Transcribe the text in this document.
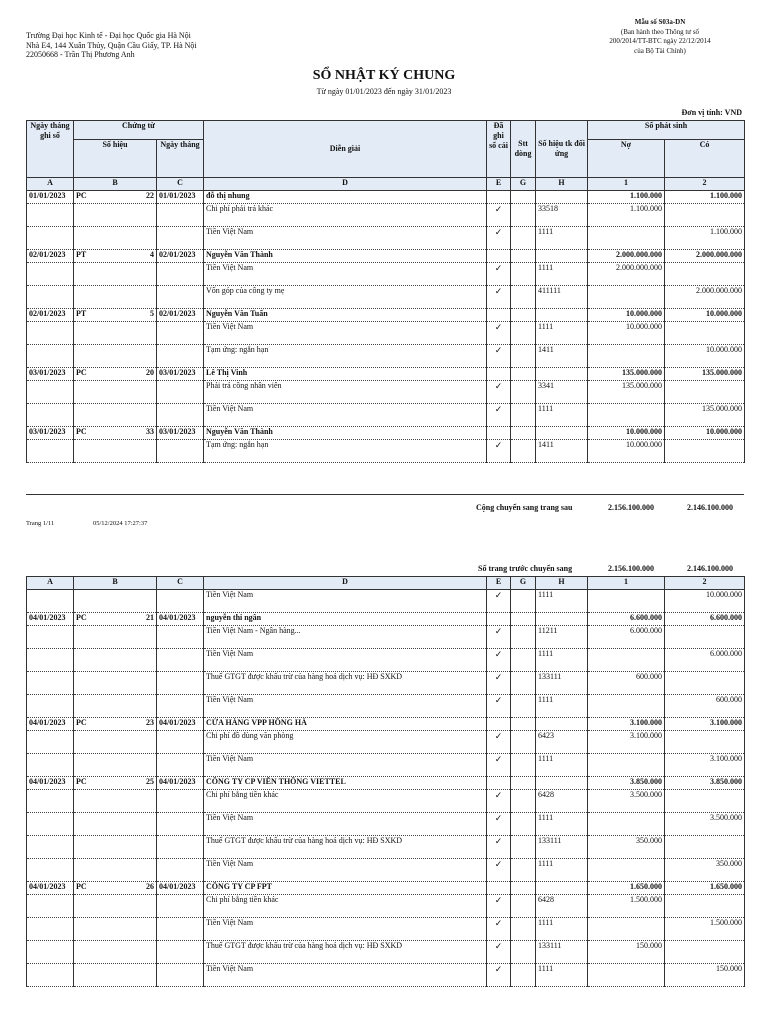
Trường Đại học Kinh tế - Đại học Quốc gia Hà Nội
Nhà E4, 144 Xuân Thủy, Quận Cầu Giấy, TP. Hà Nội
22050668 - Trần Thị Phương Anh
Mẫu số S03a-DN
(Ban hành theo Thông tư số
200/2014/TT-BTC ngày 22/12/2014
của Bộ Tài Chính)
SỔ NHẬT KÝ CHUNG
Từ ngày 01/01/2023 đến ngày 31/01/2023
Đơn vị tính: VND
Ngày tháng ghi sổ	Chứng từ		Diễn giải	Đã ghi sổ cái	Stt dòng	Số hiệu tk đối ứng	Số phát sinh	
	Số hiệu	Ngày tháng					Nợ	Có
A	B	C	D	E	G	H	1	2
01/01/2023	PC 22	01/01/2023	đỗ thị nhung				1.100.000	1.100.000
			Chi phí phải trả khác	✓		33518	1.100.000	
			Tiền Việt Nam	✓		1111		1.100.000
02/01/2023	PT 4	02/01/2023	Nguyễn Văn Thành				2.000.000.000	2.000.000.000
			Tiền Việt Nam	✓		1111	2.000.000.000	
			Vốn góp của công ty mẹ	✓		411111		2.000.000.000
02/01/2023	PT 5	02/01/2023	Nguyễn Văn Tuấn				10.000.000	10.000.000
			Tiền Việt Nam	✓		1111	10.000.000	
			Tạm ứng: ngắn hạn	✓		1411		10.000.000
03/01/2023	PC 20	03/01/2023	Lê Thị Vinh				135.000.000	135.000.000
			Phải trả công nhân viên	✓		3341	135.000.000	
			Tiền Việt Nam	✓		1111		135.000.000
03/01/2023	PC 33	03/01/2023	Nguyễn Văn Thành				10.000.000	10.000.000
			Tạm ứng: ngắn hạn	✓		1411	10.000.000	
Cộng chuyển sang trang sau	2.156.100.000	2.146.100.000
Trang 1/11	05/12/2024 17:27:37
Số trang trước chuyển sang	2.156.100.000	2.146.100.000
A	B	C	D	E	G	H	1	2
			Tiền Việt Nam	✓		1111		10.000.000
04/01/2023	PC 21	04/01/2023	nguyễn thi ngân				6.600.000	6.600.000
			Tiền Việt Nam - Ngân hàng...	✓		11211	6.000.000	
			Tiền Việt Nam	✓		1111		6.000.000
			Thuế GTGT được khấu trừ của hàng hoá dịch vụ: HĐ SXKD	✓		133111	600.000	
			Tiền Việt Nam	✓		1111		600.000
04/01/2023	PC 23	04/01/2023	CỬA HÀNG VPP HỒNG HÀ				3.100.000	3.100.000
			Chi phí đồ dùng văn phòng	✓		6423	3.100.000	
			Tiền Việt Nam	✓		1111		3.100.000
04/01/2023	PC 25	04/01/2023	CÔNG TY CP VIỄN THÔNG VIETTEL				3.850.000	3.850.000
			Chi phí bằng tiền khác	✓		6428	3.500.000	
			Tiền Việt Nam	✓		1111		3.500.000
			Thuế GTGT được khấu trừ của hàng hoá dịch vụ: HĐ SXKD	✓		133111	350.000	
			Tiền Việt Nam	✓		1111		350.000
04/01/2023	PC 26	04/01/2023	CÔNG TY CP FPT				1.650.000	1.650.000
			Chi phí bằng tiền khác	✓		6428	1.500.000	
			Tiền Việt Nam	✓		1111		1.500.000
			Thuế GTGT được khấu trừ của hàng hoá dịch vụ: HĐ SXKD	✓		133111	150.000	
			Tiền Việt Nam	✓		1111		150.000
